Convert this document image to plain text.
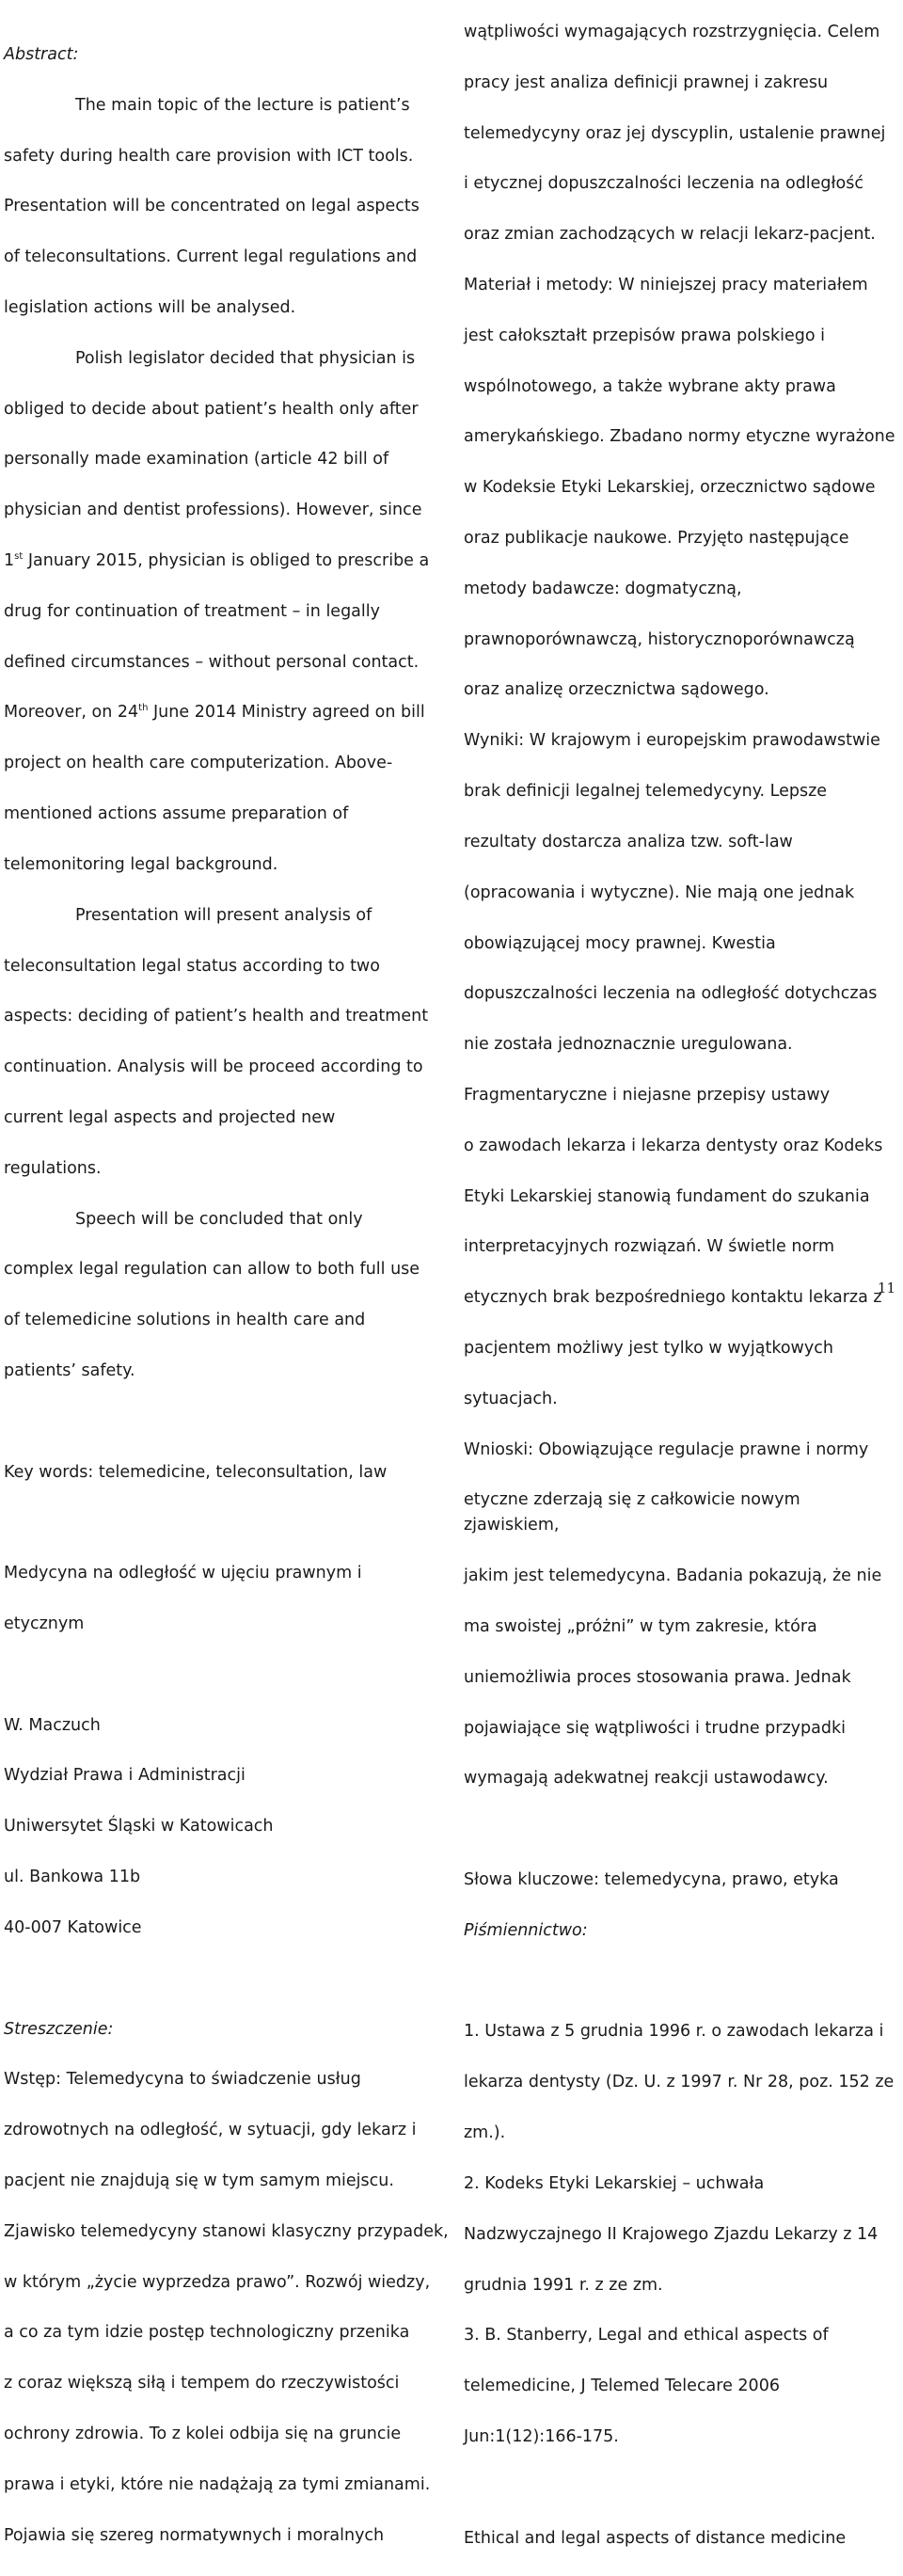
Abstract:

The main topic of the lecture is patient’s

safety during health care provision with ICT tools.

Presentation will be concentrated on legal aspects

of teleconsultations. Current legal regulations and

legislation actions will be analysed.

Polish legislator decided that physician is

obliged to decide about patient’s health only after

personally made examination (article 42 bill of

physician and dentist professions). However, since

1st January 2015, physician is obliged to prescribe a

drug for continuation of treatment – in legally

defined circumstances – without personal contact.

Moreover, on 24th June 2014 Ministry agreed on bill

project on health care computerization. Above-

mentioned actions assume preparation of

telemonitoring legal background.

Presentation will present analysis of

teleconsultation legal status according to two

aspects: deciding of patient’s health and treatment

continuation. Analysis will be proceed according to

current legal aspects and projected new

regulations.

Speech will be concluded that only

complex legal regulation can allow to both full use

of telemedicine solutions in health care and

patients’ safety.

Key words: telemedicine, teleconsultation, law

Medycyna na odległość w ujęciu prawnym i

etycznym

W. Maczuch

Wydział Prawa i Administracji

Uniwersytet Śląski w Katowicach

ul. Bankowa 11b

40-007 Katowice

Streszczenie:

Wstęp: Telemedycyna to świadczenie usług

zdrowotnych na odległość, w sytuacji, gdy lekarz i

pacjent nie znajdują się w tym samym miejscu.

Zjawisko telemedycyny stanowi klasyczny przypadek,

w którym „życie wyprzedza prawo”. Rozwój wiedzy,

a co za tym idzie postęp technologiczny przenika

z coraz większą siłą i tempem do rzeczywistości

ochrony zdrowia. To z kolei odbija się na gruncie

prawa i etyki, które nie nadążają za tymi zmianami.

Pojawia się szereg normatywnych i moralnych

wątpliwości wymagających rozstrzygnięcia. Celem

pracy jest analiza definicji prawnej i zakresu

telemedycyny oraz jej dyscyplin, ustalenie prawnej

i etycznej dopuszczalności leczenia na odległość

oraz zmian zachodzących w relacji lekarz-pacjent.

Materiał i metody: W niniejszej pracy materiałem

jest całokształt przepisów prawa polskiego i

wspólnotowego, a także wybrane akty prawa

amerykańskiego. Zbadano normy etyczne wyrażone

w Kodeksie Etyki Lekarskiej, orzecznictwo sądowe

oraz publikacje naukowe. Przyjęto następujące

metody badawcze: dogmatyczną,

prawnoporównawczą, historycznoporównawczą

oraz analizę orzecznictwa sądowego.

Wyniki: W krajowym i europejskim prawodawstwie

brak definicji legalnej telemedycyny. Lepsze

rezultaty dostarcza analiza tzw. soft-law

(opracowania i wytyczne). Nie mają one jednak

obowiązującej mocy prawnej. Kwestia

dopuszczalności leczenia na odległość dotychczas

nie została jednoznacznie uregulowana.

Fragmentaryczne i niejasne przepisy ustawy

o zawodach lekarza i lekarza dentysty oraz Kodeks

Etyki Lekarskiej stanowią fundament do szukania

interpretacyjnych rozwiązań. W świetle norm

etycznych brak bezpośredniego kontaktu lekarza z

pacjentem możliwy jest tylko w wyjątkowych

sytuacjach.

Wnioski: Obowiązujące regulacje prawne i normy

etyczne zderzają się z całkowicie nowym zjawiskiem,

jakim jest telemedycyna. Badania pokazują, że nie

ma swoistej „próżni” w tym zakresie, która

uniemożliwia proces stosowania prawa. Jednak

pojawiające się wątpliwości i trudne przypadki

wymagają adekwatnej reakcji ustawodawcy.

Słowa kluczowe: telemedycyna, prawo, etyka

Piśmiennictwo:

1. Ustawa z 5 grudnia 1996 r. o zawodach lekarza i

lekarza dentysty (Dz. U. z 1997 r. Nr 28, poz. 152 ze

zm.).

2. Kodeks Etyki Lekarskiej – uchwała

Nadzwyczajnego II Krajowego Zjazdu Lekarzy z 14

grudnia 1991 r. z ze zm.

3. B. Stanberry, Legal and ethical aspects of

telemedicine, J Telemed Telecare 2006

Jun:1(12):166-175.

Ethical and legal aspects of distance medicine

11
